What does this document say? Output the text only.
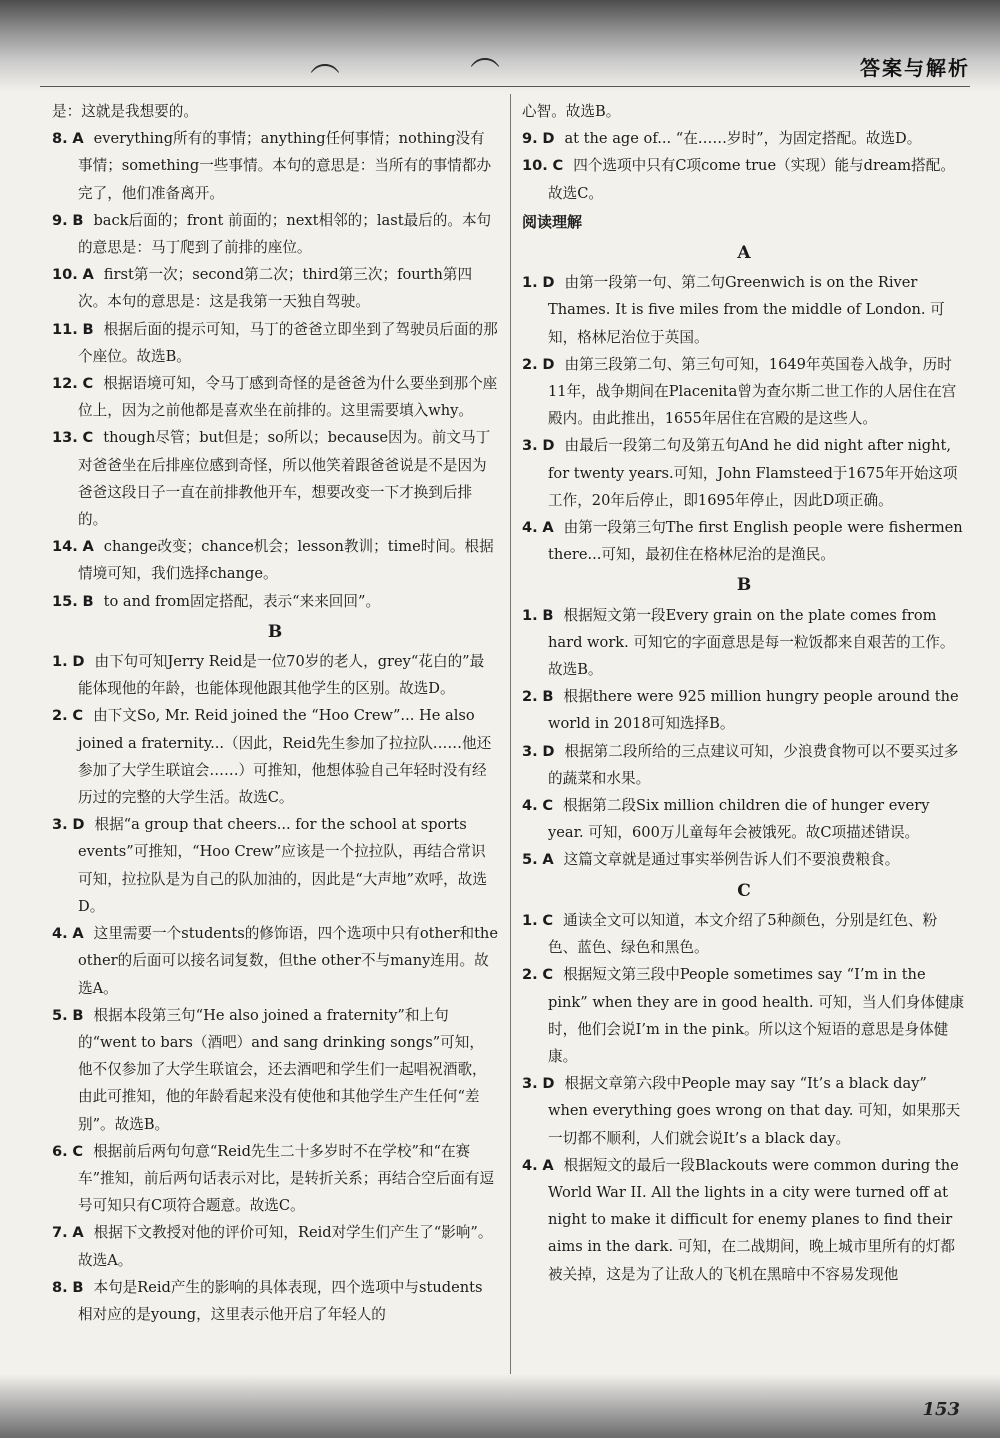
︵	︵	答案与解析

是：这就是我想要的。

8. A everything所有的事情；anything任何事情；nothing没有事情；something一些事情。本句的意思是：当所有的事情都办完了，他们准备离开。

9. B back后面的；front 前面的；next相邻的；last最后的。本句的意思是：马丁爬到了前排的座位。

10. A first第一次；second第二次；third第三次；fourth第四次。本句的意思是：这是我第一天独自驾驶。

11. B 根据后面的提示可知，马丁的爸爸立即坐到了驾驶员后面的那个座位。故选B。

12. C 根据语境可知，令马丁感到奇怪的是爸爸为什么要坐到那个座位上，因为之前他都是喜欢坐在前排的。这里需要填入why。

13. C though尽管；but但是；so所以；because因为。前文马丁对爸爸坐在后排座位感到奇怪，所以他笑着跟爸爸说是不是因为爸爸这段日子一直在前排教他开车，想要改变一下才换到后排的。

14. A change改变；chance机会；lesson教训；time时间。根据情境可知，我们选择change。

15. B to and from固定搭配，表示“来来回回”。

B

1. D 由下句可知Jerry Reid是一位70岁的老人，grey“花白的”最能体现他的年龄，也能体现他跟其他学生的区别。故选D。

2. C 由下文So, Mr. Reid joined the “Hoo Crew”... He also joined a fraternity...（因此，Reid先生参加了拉拉队……他还参加了大学生联谊会……）可推知，他想体验自己年轻时没有经历过的完整的大学生活。故选C。

3. D 根据“a group that cheers... for the school at sports events”可推知，“Hoo Crew”应该是一个拉拉队，再结合常识可知，拉拉队是为自己的队加油的，因此是“大声地”欢呼，故选D。

4. A 这里需要一个students的修饰语，四个选项中只有other和the other的后面可以接名词复数，但the other不与many连用。故选A。

5. B 根据本段第三句“He also joined a fraternity”和上句的“went to bars（酒吧）and sang drinking songs”可知，他不仅参加了大学生联谊会，还去酒吧和学生们一起唱祝酒歌，由此可推知，他的年龄看起来没有使他和其他学生产生任何“差别”。故选B。

6. C 根据前后两句句意“Reid先生二十多岁时不在学校”和“在赛车”推知，前后两句话表示对比，是转折关系；再结合空后面有逗号可知只有C项符合题意。故选C。

7. A 根据下文教授对他的评价可知，Reid对学生们产生了“影响”。故选A。

8. B 本句是Reid产生的影响的具体表现，四个选项中与students 相对应的是young，这里表示他开启了年轻人的

心智。故选B。

9. D at the age of... “在……岁时”，为固定搭配。故选D。

10. C 四个选项中只有C项come true（实现）能与dream搭配。故选C。

阅读理解
A

1. D 由第一段第一句、第二句Greenwich is on the River Thames. It is five miles from the middle of London. 可知，格林尼治位于英国。

2. D 由第三段第二句、第三句可知，1649年英国卷入战争，历时 11年，战争期间在Placenita曾为查尔斯二世工作的人居住在宫殿内。由此推出，1655年居住在宫殿的是这些人。

3. D 由最后一段第二句及第五句And he did night after night, for twenty years.可知，John Flamsteed于1675年开始这项工作，20年后停止，即1695年停止，因此D项正确。

4. A 由第一段第三句The first English people were fishermen there...可知，最初住在格林尼治的是渔民。

B

1. B 根据短文第一段Every grain on the plate comes from hard work. 可知它的字面意思是每一粒饭都来自艰苦的工作。故选B。

2. B 根据there were 925 million hungry people around the world in 2018可知选择B。

3. D 根据第二段所给的三点建议可知，少浪费食物可以不要买过多的蔬菜和水果。

4. C 根据第二段Six million children die of hunger every year. 可知，600万儿童每年会被饿死。故C项描述错误。

5. A 这篇文章就是通过事实举例告诉人们不要浪费粮食。

C

1. C 通读全文可以知道，本文介绍了5种颜色，分别是红色、粉色、蓝色、绿色和黑色。

2. C 根据短文第三段中People sometimes say “I’m in the pink” when they are in good health. 可知，当人们身体健康时，他们会说I’m in the pink。所以这个短语的意思是身体健康。

3. D 根据文章第六段中People may say “It’s a black day” when everything goes wrong on that day. 可知，如果那天一切都不顺利，人们就会说It’s a black day。

4. A 根据短文的最后一段Blackouts were common during the World War II. All the lights in a city were turned off at night to make it difficult for enemy planes to find their aims in the dark. 可知，在二战期间，晚上城市里所有的灯都被关掉，这是为了让敌人的飞机在黑暗中不容易发现他

153
